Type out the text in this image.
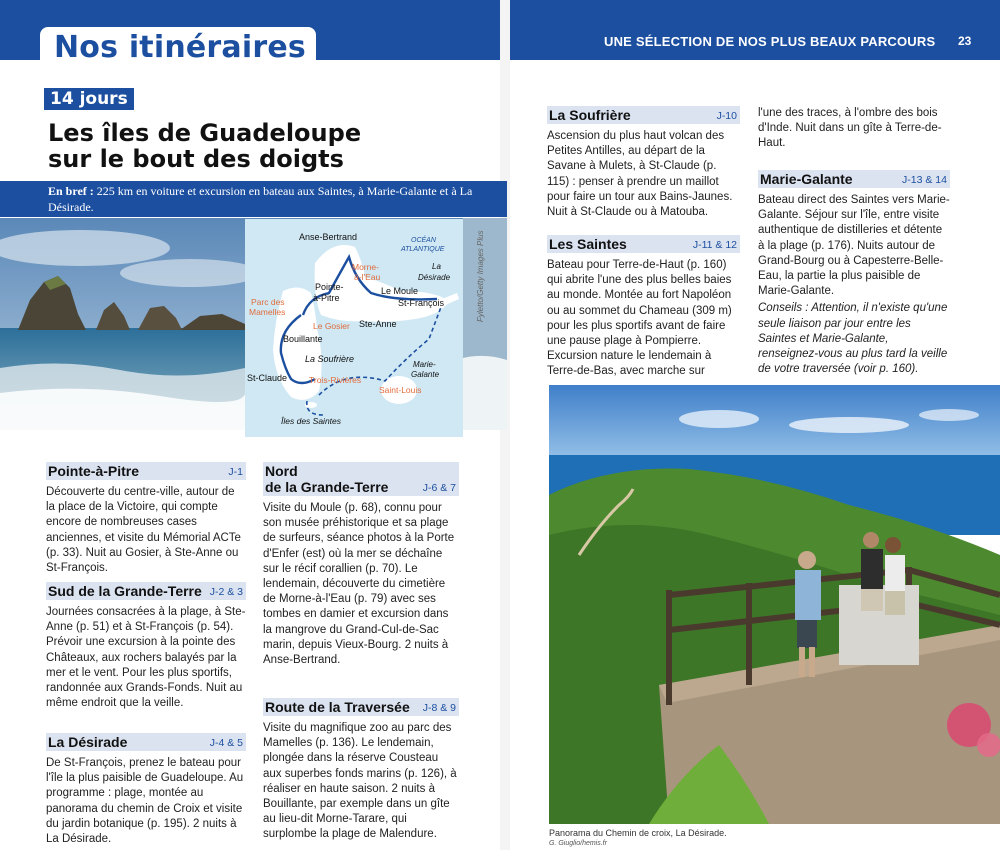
Nos itinéraires	UNE SÉLECTION DE NOS PLUS BEAUX PARCOURS 23
14 jours
Les îles de Guadeloupe
sur le bout des doigts
En bref : 225 km en voiture et excursion en bateau aux Saintes, à Marie-Galante et à La Désirade.
Anse-Bertrand	OCÉAN
ATLANTIQUE
La
Désirade
Morne-
à-l'Eau
Le Moule
Pointe-
à-Pitre	St-François
Parc des
Mamelles
Le Gosier Ste-Anne
Bouillante
La Soufrière
St-Claude	Trois-Rivières
Marie-
Galante
Saint-Louis
Îles des Saintes
Fyletto/Getty Images Plus
Pointe-à-Pitre	J-1
Découverte du centre-ville, autour de la place de la Victoire, qui compte encore de nombreuses cases anciennes, et visite du Mémorial ACTe (p. 33). Nuit au Gosier, à Ste-Anne ou St-François.
Sud de la Grande-Terre J-2 & 3
Journées consacrées à la plage, à Ste-Anne (p. 51) et à St-François (p. 54). Prévoir une excursion à la pointe des Châteaux, aux rochers balayés par la mer et le vent. Pour les plus sportifs, randonnée aux Grands-Fonds. Nuit au même endroit que la veille.
La Désirade	J-4 & 5
De St-François, prenez le bateau pour l'île la plus paisible de Guadeloupe. Au programme : plage, montée au panorama du chemin de Croix et visite du jardin botanique (p. 195). 2 nuits à La Désirade.
Nord
de la Grande-Terre	J-6 & 7
Visite du Moule (p. 68), connu pour son musée préhistorique et sa plage de surfeurs, séance photos à la Porte d'Enfer (est) où la mer se déchaîne sur le récif corallien (p. 70). Le lendemain, découverte du cimetière de Morne-à-l'Eau (p. 79) avec ses tombes en damier et excursion dans la mangrove du Grand-Cul-de-Sac marin, depuis Vieux-Bourg. 2 nuits à Anse-Bertrand.
Route de la Traversée J-8 & 9
Visite du magnifique zoo au parc des Mamelles (p. 136). Le lendemain, plongée dans la réserve Cousteau aux superbes fonds marins (p. 126), à réaliser en haute saison. 2 nuits à Bouillante, par exemple dans un gîte au lieu-dit Morne-Tarare, qui surplombe la plage de Malendure.
La Soufrière	J-10
Ascension du plus haut volcan des Petites Antilles, au départ de la Savane à Mulets, à St-Claude (p. 115) : penser à prendre un maillot pour faire un tour aux Bains-Jaunes. Nuit à St-Claude ou à Matouba.
Les Saintes	J-11 & 12
Bateau pour Terre-de-Haut (p. 160) qui abrite l'une des plus belles baies au monde. Montée au fort Napoléon ou au sommet du Chameau (309 m) pour les plus sportifs avant de faire une pause plage à Pompierre. Excursion nature le lendemain à Terre-de-Bas, avec marche sur
l'une des traces, à l'ombre des bois d'Inde. Nuit dans un gîte à Terre-de-Haut.
Marie-Galante	J-13 & 14
Bateau direct des Saintes vers Marie-Galante. Séjour sur l'île, entre visite authentique de distilleries et détente à la plage (p. 176). Nuits autour de Grand-Bourg ou à Capesterre-Belle-Eau, la partie la plus paisible de Marie-Galante.
Conseils : Attention, il n'existe qu'une seule liaison par jour entre les Saintes et Marie-Galante, renseignez-vous au plus tard la veille de votre traversée (voir p. 160).
Panorama du Chemin de croix, La Désirade.
G. Giuglio/hemis.fr
